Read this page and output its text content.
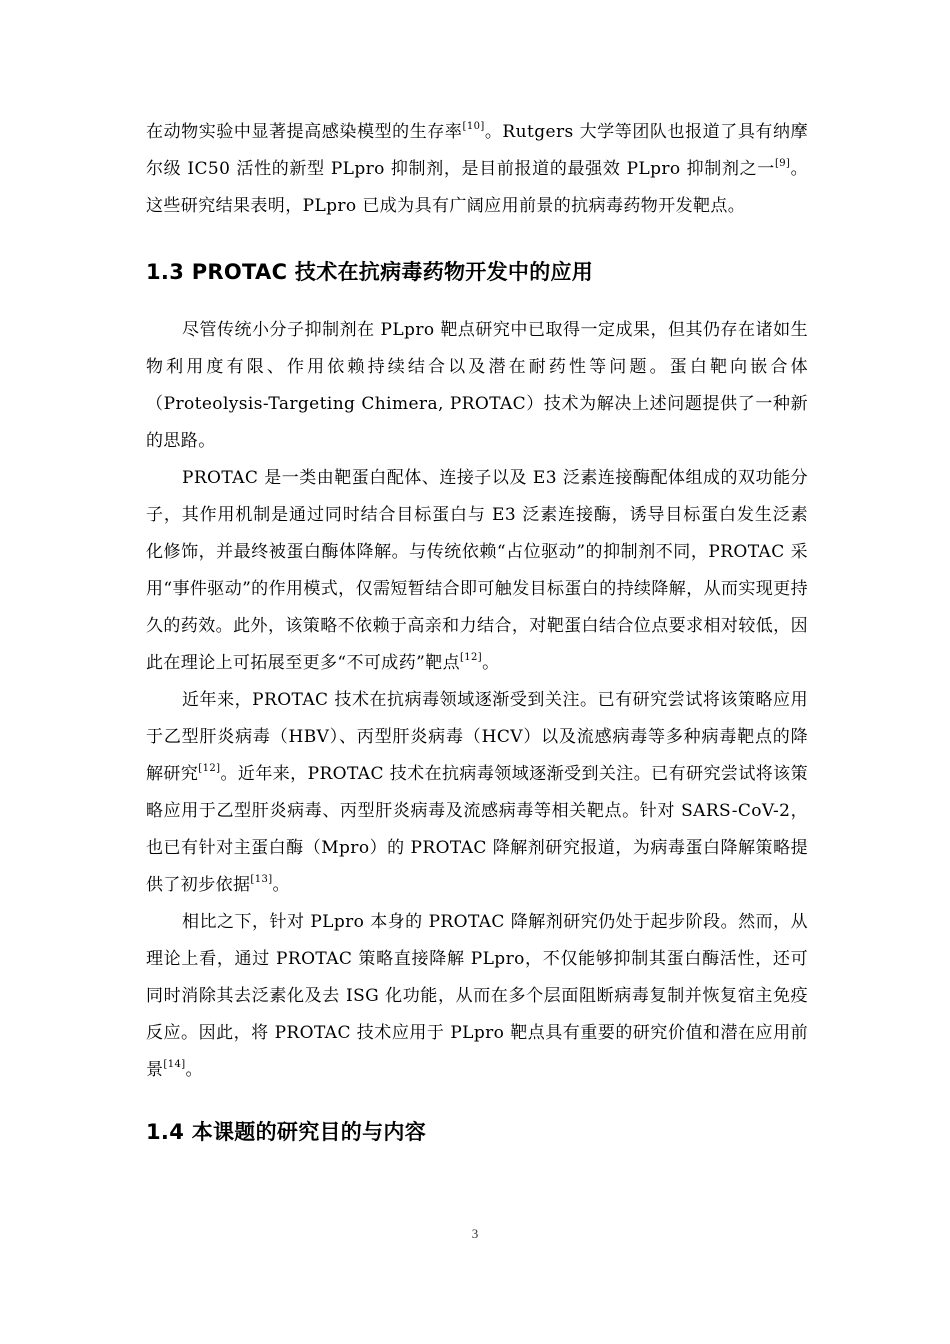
在动物实验中显著提高感染模型的生存率[10]。Rutgers 大学等团队也报道了具有纳摩尔级 IC50 活性的新型 PLpro 抑制剂，是目前报道的最强效 PLpro 抑制剂之一[9]。这些研究结果表明，PLpro 已成为具有广阔应用前景的抗病毒药物开发靶点。

1.3 PROTAC 技术在抗病毒药物开发中的应用

尽管传统小分子抑制剂在 PLpro 靶点研究中已取得一定成果，但其仍存在诸如生物利用度有限、作用依赖持续结合以及潜在耐药性等问题。蛋白靶向嵌合体（Proteolysis-Targeting Chimera, PROTAC）技术为解决上述问题提供了一种新的思路。

PROTAC 是一类由靶蛋白配体、连接子以及 E3 泛素连接酶配体组成的双功能分子，其作用机制是通过同时结合目标蛋白与 E3 泛素连接酶，诱导目标蛋白发生泛素化修饰，并最终被蛋白酶体降解。与传统依赖“占位驱动”的抑制剂不同，PROTAC 采用“事件驱动”的作用模式，仅需短暂结合即可触发目标蛋白的持续降解，从而实现更持久的药效。此外，该策略不依赖于高亲和力结合，对靶蛋白结合位点要求相对较低，因此在理论上可拓展至更多“不可成药”靶点[12]。

近年来，PROTAC 技术在抗病毒领域逐渐受到关注。已有研究尝试将该策略应用于乙型肝炎病毒（HBV）、丙型肝炎病毒（HCV）以及流感病毒等多种病毒靶点的降解研究[12]。近年来，PROTAC 技术在抗病毒领域逐渐受到关注。已有研究尝试将该策略应用于乙型肝炎病毒、丙型肝炎病毒及流感病毒等相关靶点。针对 SARS-CoV-2，也已有针对主蛋白酶（Mpro）的 PROTAC 降解剂研究报道，为病毒蛋白降解策略提供了初步依据[13]。

相比之下，针对 PLpro 本身的 PROTAC 降解剂研究仍处于起步阶段。然而，从理论上看，通过 PROTAC 策略直接降解 PLpro，不仅能够抑制其蛋白酶活性，还可同时消除其去泛素化及去 ISG 化功能，从而在多个层面阻断病毒复制并恢复宿主免疫反应。因此，将 PROTAC 技术应用于 PLpro 靶点具有重要的研究价值和潜在应用前景[14]。

1.4 本课题的研究目的与内容
3
